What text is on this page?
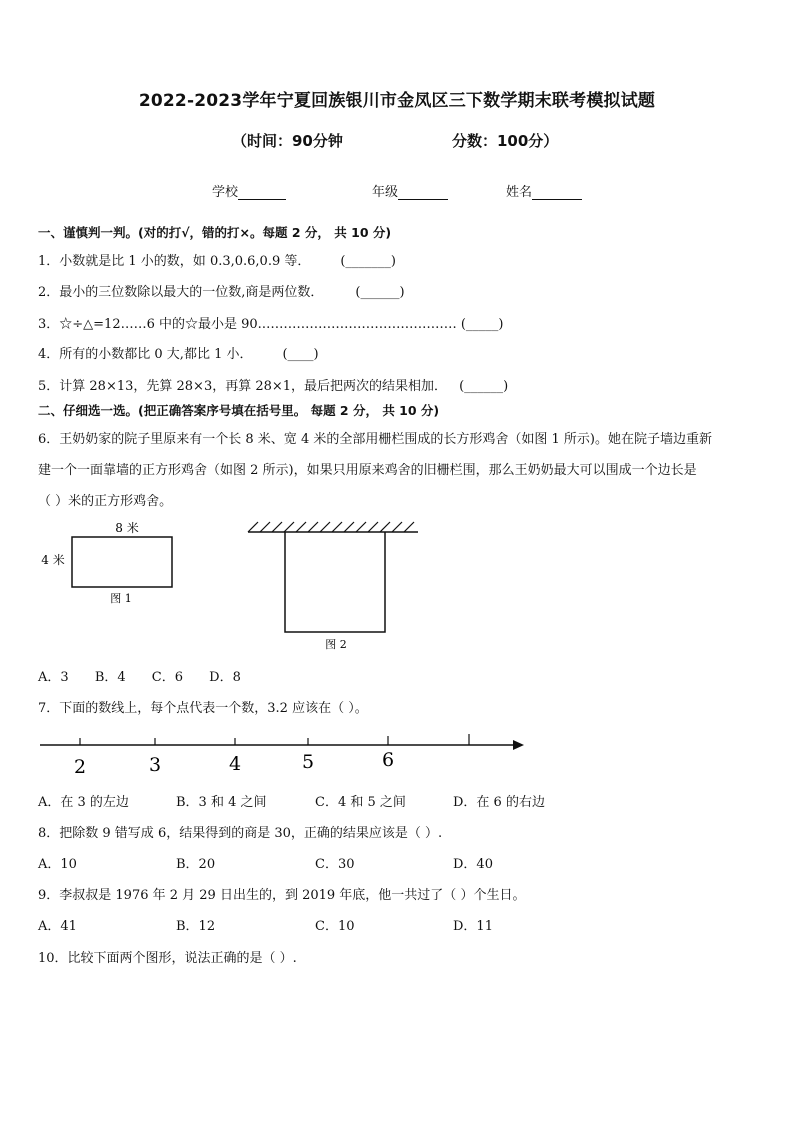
2022-2023学年宁夏回族银川市金凤区三下数学期末联考模拟试题
（时间：90分钟	分数：100分）
学校	年级	姓名
一、谨慎判一判。(对的打√，错的打×。每题 2 分， 共 10 分)
1．小数就是比 1 小的数，如 0.3,0.6,0.9 等． (_______)
2．最小的三位数除以最大的一位数,商是两位数． (______)
3．☆÷△=12……6 中的☆最小是 90.……………………………………… (_____)
4．所有的小数都比 0 大,都比 1 小． (____)
5．计算 28×13，先算 28×3，再算 28×1，最后把两次的结果相加． (______)
二、仔细选一选。(把正确答案序号填在括号里。 每题 2 分， 共 10 分)
6．王奶奶家的院子里原来有一个长 8 米、宽 4 米的全部用栅栏围成的长方形鸡舍（如图 1 所示)。她在院子墙边重新
建一个一面靠墙的正方形鸡舍（如图 2 所示)，如果只用原来鸡舍的旧栅栏围，那么王奶奶最大可以围成一个边长是
（ ）米的正方形鸡舍。
8 米
4 米
图 1
图 2
A．3 B．4 C．6 D．8
7．下面的数线上，每个点代表一个数，3.2 应该在（ ）。
2	3	4	5	6
A．在 3 的左边	B．3 和 4 之间	C．4 和 5 之间	D．在 6 的右边
8．把除数 9 错写成 6，结果得到的商是 30，正确的结果应该是（ ）.
A．10	B．20	C．30	D．40
9．李叔叔是 1976 年 2 月 29 日出生的，到 2019 年底，他一共过了（ ）个生日。
A．41	B．12	C．10	D．11
10．比较下面两个图形，说法正确的是（ ）.
